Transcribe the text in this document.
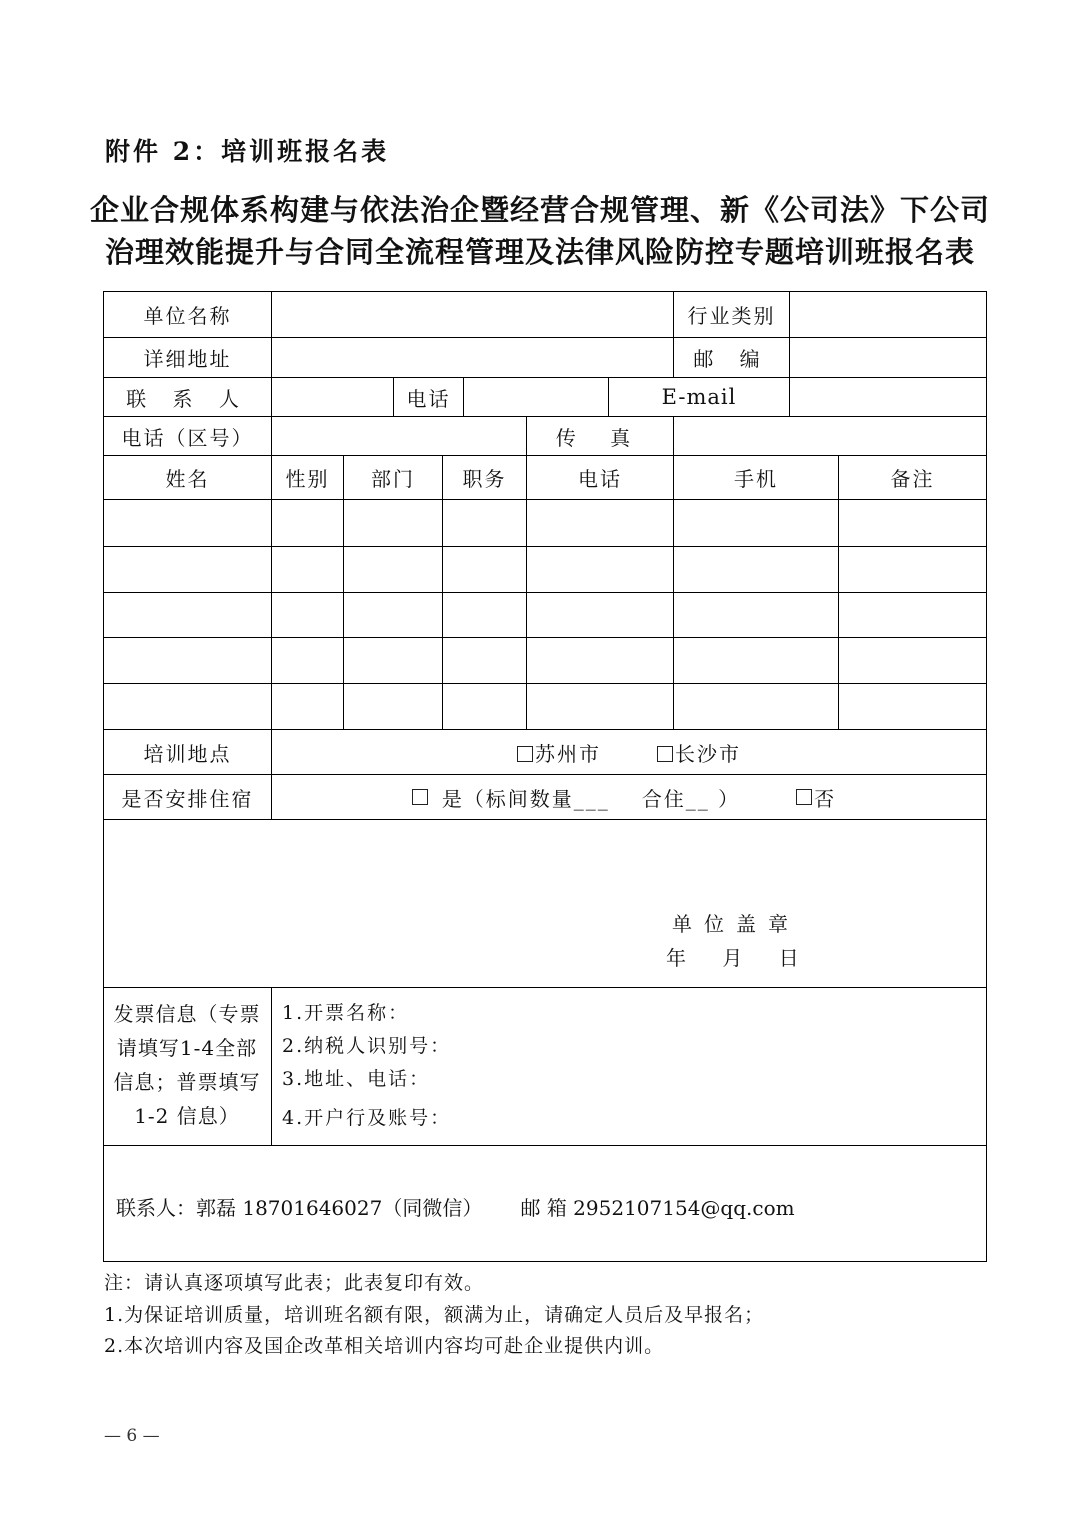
附件 2：培训班报名表
企业合规体系构建与依法治企暨经营合规管理、新《公司法》下公司
治理效能提升与合同全流程管理及法律风险防控专题培训班报名表
单位名称	行业类别
详细地址	邮 编
联 系 人	电话	E-mail
电话（区号）	传 真
姓名	性别	部门	职务	电话	手机	备注
培训地点	苏州市	长沙市
是否安排住宿	是（标间数量___ 合住__ ）	否
单位盖章
年 月 日
发票信息（专票
请填写1-4全部
信息；普票填写
1-2 信息）
1.开票名称：
2.纳税人识别号：
3.地址、电话：
4.开户行及账号：
联系人：郭磊 18701646027（同微信）      邮 箱 2952107154@qq.com
注：请认真逐项填写此表；此表复印有效。
1.为保证培训质量，培训班名额有限，额满为止，请确定人员后及早报名；
2.本次培训内容及国企改革相关培训内容均可赴企业提供内训。
— 6 —
